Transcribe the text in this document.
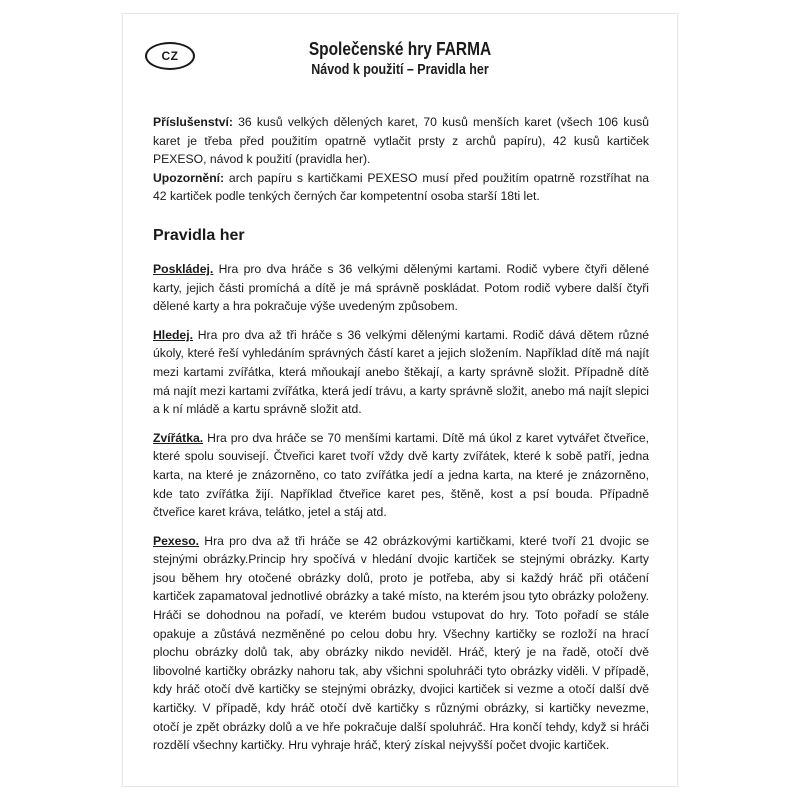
CZ	Společenské hry FARMA
Návod k použití – Pravidla her

Příslušenství: 36 kusů velkých dělených karet, 70 kusů menších karet (všech 106 kusů karet je třeba před použitím opatrně vytlačit prsty z archů papíru), 42 kusů kartiček PEXESO, návod k použití (pravidla her).

Upozornění: arch papíru s kartičkami PEXESO musí před použitím opatrně rozstříhat na 42 kartiček podle tenkých černých čar kompetentní osoba starší 18ti let.

Pravidla her

Poskládej. Hra pro dva hráče s 36 velkými dělenými kartami. Rodič vybere čtyři dělené karty, jejich části promíchá a dítě je má správně poskládat. Potom rodič vybere další čtyři dělené karty a hra pokračuje výše uvedeným způsobem.

Hledej. Hra pro dva až tři hráče s 36 velkými dělenými kartami. Rodič dává dětem různé úkoly, které řeší vyhledáním správných částí karet a jejich složením. Například dítě má najít mezi kartami zvířátka, která mňoukají anebo štěkají, a karty správně složit. Případně dítě má najít mezi kartami zvířátka, která jedí trávu, a karty správně složit, anebo má najít slepici a k ní mládě a kartu správně složit atd.

Zvířátka. Hra pro dva hráče se 70 menšími kartami. Dítě má úkol z karet vytvářet čtveřice, které spolu souvisejí. Čtveřici karet tvoří vždy dvě karty zvířátek, které k sobě patří, jedna karta, na které je znázorněno, co tato zvířátka jedí a jedna karta, na které je znázorněno, kde tato zvířátka žijí. Například čtveřice karet pes, štěně, kost a psí bouda. Případně čtveřice karet kráva, telátko, jetel a stáj atd.

Pexeso. Hra pro dva až tři hráče se 42 obrázkovými kartičkami, které tvoří 21 dvojic se stejnými obrázky.Princip hry spočívá v hledání dvojic kartiček se stejnými obrázky. Karty jsou během hry otočené obrázky dolů, proto je potřeba, aby si každý hráč při otáčení kartiček zapamatoval jednotlivé obrázky a také místo, na kterém jsou tyto obrázky položeny. Hráči se dohodnou na pořadí, ve kterém budou vstupovat do hry. Toto pořadí se stále opakuje a zůstává nezměněné po celou dobu hry. Všechny kartičky se rozloží na hrací plochu obrázky dolů tak, aby obrázky nikdo neviděl. Hráč, který je na řadě, otočí dvě libovolné kartičky obrázky nahoru tak, aby všichni spoluhráči tyto obrázky viděli. V případě, kdy hráč otočí dvě kartičky se stejnými obrázky, dvojici kartiček si vezme a otočí další dvě kartičky. V případě, kdy hráč otočí dvě kartičky s různými obrázky, si kartičky nevezme, otočí je zpět obrázky dolů a ve hře pokračuje další spoluhráč. Hra končí tehdy, když si hráči rozdělí všechny kartičky. Hru vyhraje hráč, který získal nejvyšší počet dvojic kartiček.
